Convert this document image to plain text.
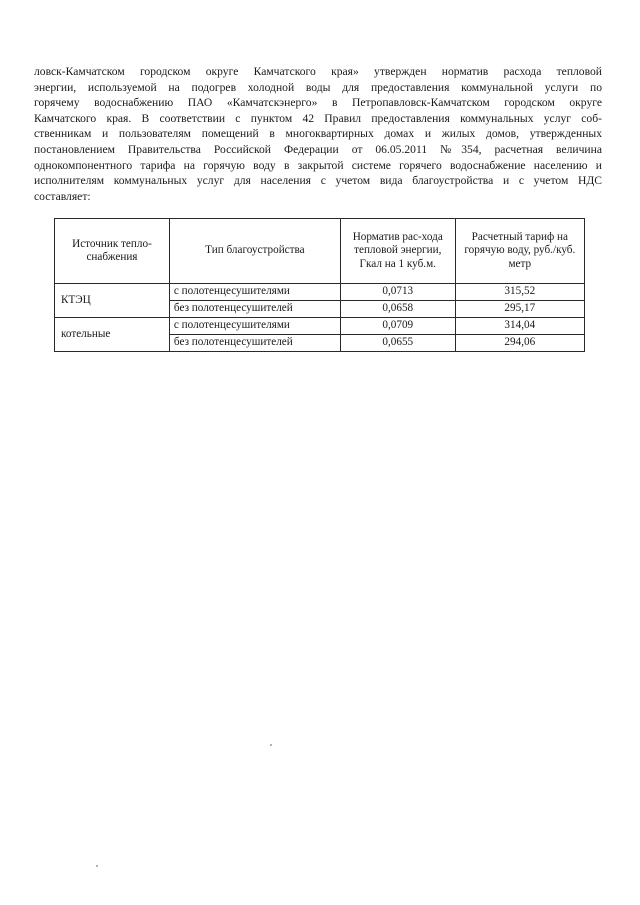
ловск-Камчатском городском округе Камчатского края» утвержден норматив расхода тепловой
энергии, используемой на подогрев холодной воды для предоставления коммунальной услуги по
горячему водоснабжению ПАО «Камчатскэнерго» в Петропавловск-Камчатском городском округе
Камчатского края. В соответствии с пунктом 42 Правил предоставления коммунальных услуг соб-
ственникам и пользователям помещений в многоквартирных домах и жилых домов, утвержденных
постановлением Правительства Российской Федерации от 06.05.2011 №354, расчетная величина
однокомпонентного тарифа на горячую воду в закрытой системе горячего водоснабжение населению и
исполнителям коммунальных услуг для населения с учетом вида благоустройства и с учетом НДС
составляет:
Источник тепло-снабжения	Тип благоустройства	Норматив рас-хода тепловой энергии, Гкал на 1 куб.м.	Расчетный тариф на горячую воду, руб./куб. метр
КТЭЦ	с полотенцесушителями	0,0713	315,52
	без полотенцесушителей	0,0658	295,17
котельные	с полотенцесушителями	0,0709	314,04
	без полотенцесушителей	0,0655	294,06
